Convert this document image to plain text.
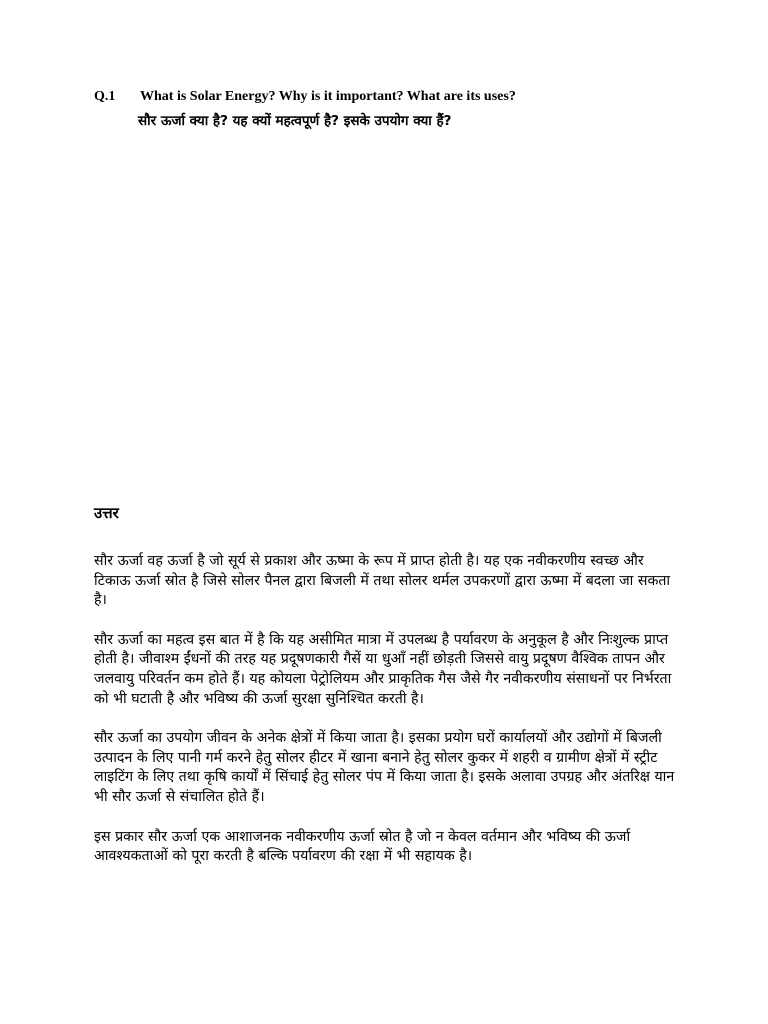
Q.1 What is Solar Energy? Why is it important? What are its uses?
सौर ऊर्जा क्या है? यह क्यों महत्वपूर्ण है? इसके उपयोग क्या हैं?
उत्तर

सौर ऊर्जा वह ऊर्जा है जो सूर्य से प्रकाश और ऊष्मा के रूप में प्राप्त होती है। यह एक नवीकरणीय स्वच्छ और टिकाऊ ऊर्जा स्रोत है जिसे सोलर पैनल द्वारा बिजली में तथा सोलर थर्मल उपकरणों द्वारा ऊष्मा में बदला जा सकता है।

सौर ऊर्जा का महत्व इस बात में है कि यह असीमित मात्रा में उपलब्ध है पर्यावरण के अनुकूल है और निःशुल्क प्राप्त होती है। जीवाश्म ईंधनों की तरह यह प्रदूषणकारी गैसें या धुआँ नहीं छोड़ती जिससे वायु प्रदूषण वैश्विक तापन और जलवायु परिवर्तन कम होते हैं। यह कोयला पेट्रोलियम और प्राकृतिक गैस जैसे गैर नवीकरणीय संसाधनों पर निर्भरता को भी घटाती है और भविष्य की ऊर्जा सुरक्षा सुनिश्चित करती है।

सौर ऊर्जा का उपयोग जीवन के अनेक क्षेत्रों में किया जाता है। इसका प्रयोग घरों कार्यालयों और उद्योगों में बिजली उत्पादन के लिए पानी गर्म करने हेतु सोलर हीटर में खाना बनाने हेतु सोलर कुकर में शहरी व ग्रामीण क्षेत्रों में स्ट्रीट लाइटिंग के लिए तथा कृषि कार्यों में सिंचाई हेतु सोलर पंप में किया जाता है। इसके अलावा उपग्रह और अंतरिक्ष यान भी सौर ऊर्जा से संचालित होते हैं।

इस प्रकार सौर ऊर्जा एक आशाजनक नवीकरणीय ऊर्जा स्रोत है जो न केवल वर्तमान और भविष्य की ऊर्जा आवश्यकताओं को पूरा करती है बल्कि पर्यावरण की रक्षा में भी सहायक है।
